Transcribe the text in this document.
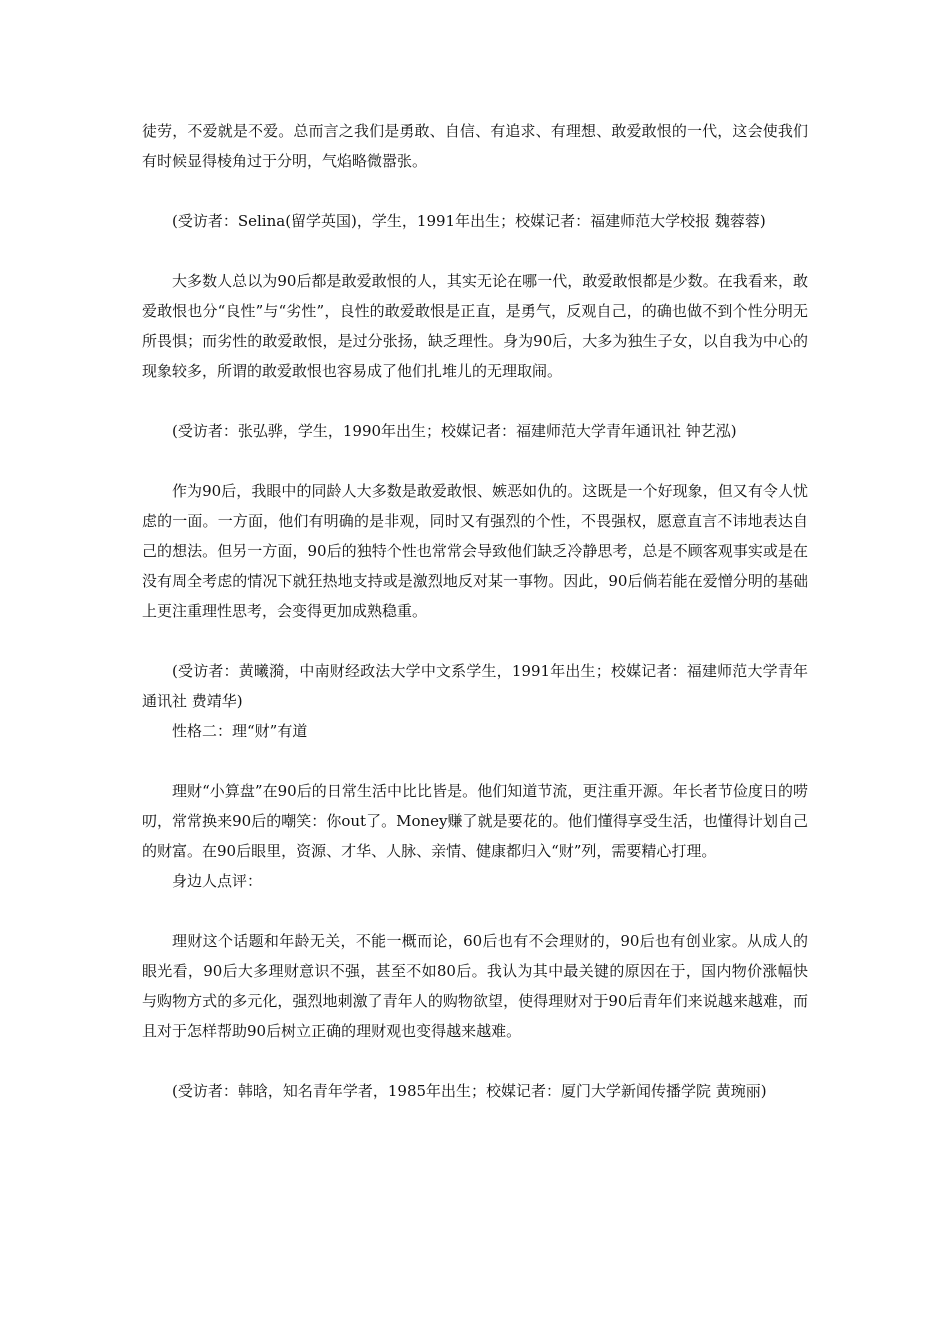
徒劳，不爱就是不爱。总而言之我们是勇敢、自信、有追求、有理想、敢爱敢恨的一代，这会使我们有时候显得棱角过于分明，气焰略微嚣张。

(受访者：Selina(留学英国)，学生，1991年出生；校媒记者：福建师范大学校报 魏蓉蓉)

大多数人总以为90后都是敢爱敢恨的人，其实无论在哪一代，敢爱敢恨都是少数。在我看来，敢爱敢恨也分“良性”与“劣性”，良性的敢爱敢恨是正直，是勇气，反观自己，的确也做不到个性分明无所畏惧；而劣性的敢爱敢恨，是过分张扬，缺乏理性。身为90后，大多为独生子女，以自我为中心的现象较多，所谓的敢爱敢恨也容易成了他们扎堆儿的无理取闹。

(受访者：张弘骅，学生，1990年出生；校媒记者：福建师范大学青年通讯社 钟艺泓)

作为90后，我眼中的同龄人大多数是敢爱敢恨、嫉恶如仇的。这既是一个好现象，但又有令人忧虑的一面。一方面，他们有明确的是非观，同时又有强烈的个性，不畏强权，愿意直言不讳地表达自己的想法。但另一方面，90后的独特个性也常常会导致他们缺乏冷静思考，总是不顾客观事实或是在没有周全考虑的情况下就狂热地支持或是激烈地反对某一事物。因此，90后倘若能在爱憎分明的基础上更注重理性思考，会变得更加成熟稳重。

(受访者：黄曦漪，中南财经政法大学中文系学生，1991年出生；校媒记者：福建师范大学青年通讯社 费靖华)

性格二：理“财”有道

理财“小算盘”在90后的日常生活中比比皆是。他们知道节流，更注重开源。年长者节俭度日的唠叨，常常换来90后的嘲笑：你out了。Money赚了就是要花的。他们懂得享受生活，也懂得计划自己的财富。在90后眼里，资源、才华、人脉、亲情、健康都归入“财”列，需要精心打理。

身边人点评：

理财这个话题和年龄无关，不能一概而论，60后也有不会理财的，90后也有创业家。从成人的眼光看，90后大多理财意识不强，甚至不如80后。我认为其中最关键的原因在于，国内物价涨幅快与购物方式的多元化，强烈地刺激了青年人的购物欲望，使得理财对于90后青年们来说越来越难，而且对于怎样帮助90后树立正确的理财观也变得越来越难。

(受访者：韩晗，知名青年学者，1985年出生；校媒记者：厦门大学新闻传播学院 黄琬丽)
